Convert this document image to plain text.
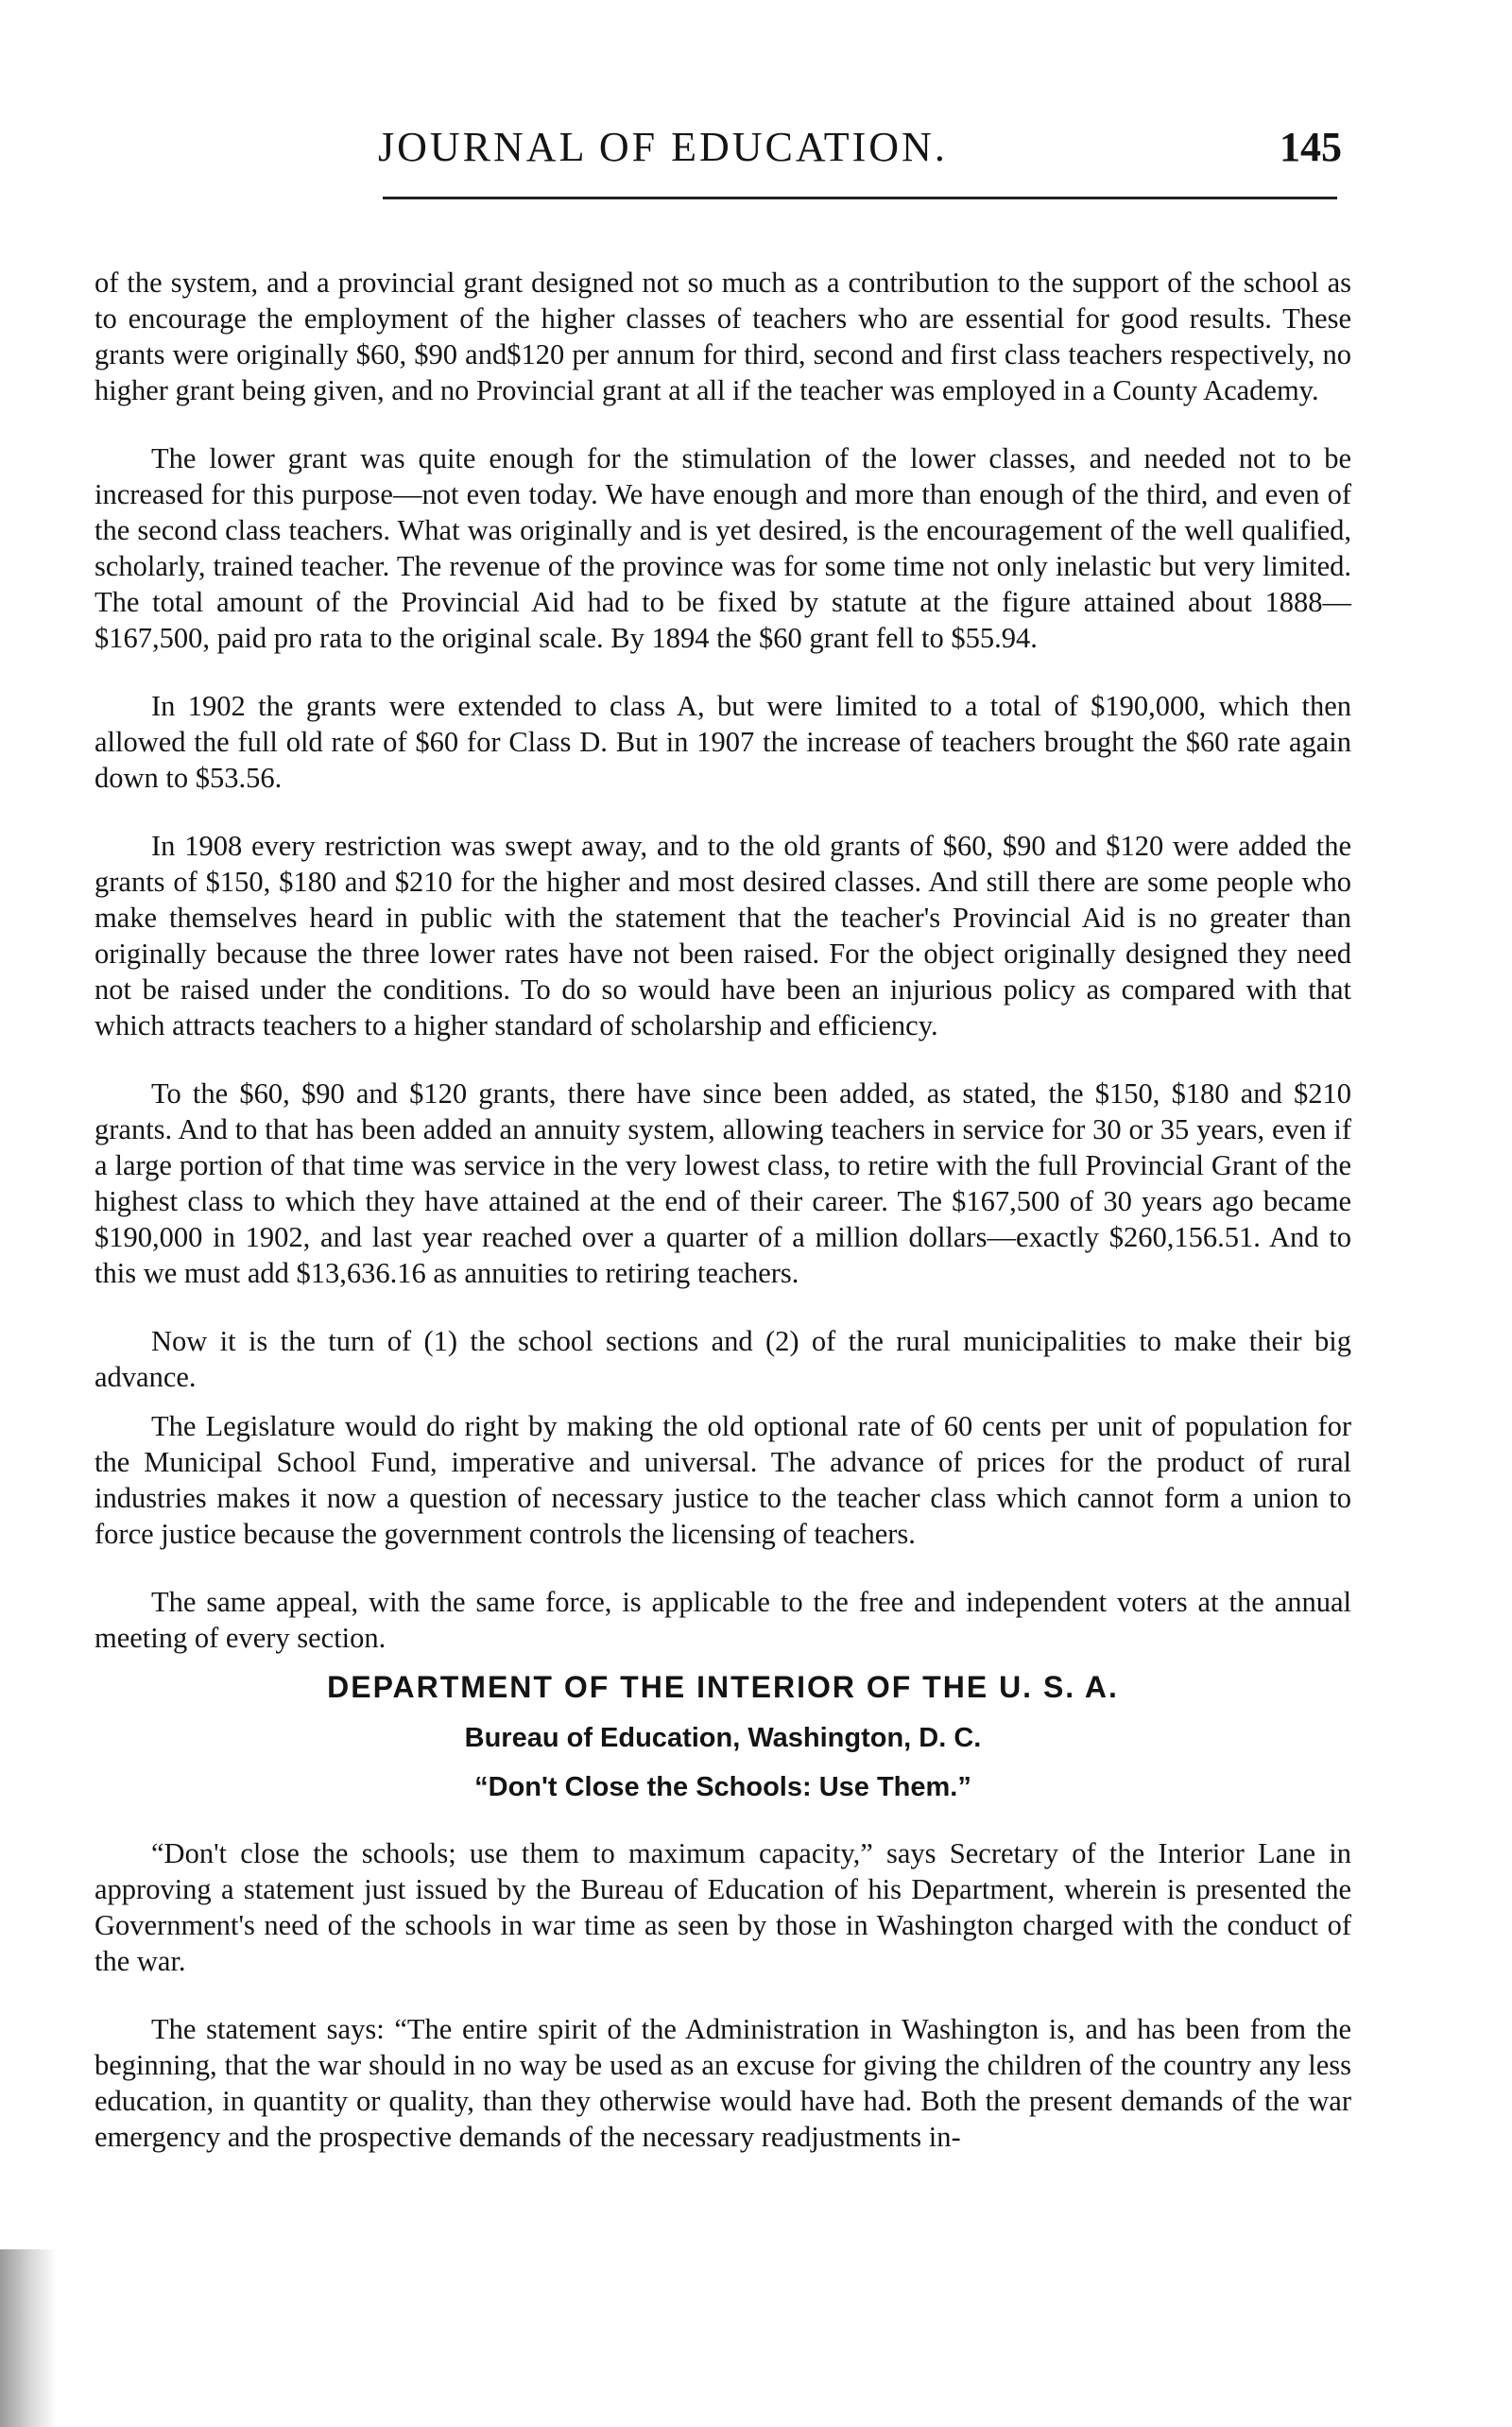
JOURNAL OF EDUCATION.	145

of the system, and a provincial grant designed not so much as a contribution to the support of the school as to encourage the employment of the higher classes of teachers who are essential for good results. These grants were originally $60, $90 and$120 per annum for third, second and first class teachers respectively, no higher grant being given, and no Provincial grant at all if the teacher was employed in a County Academy.

The lower grant was quite enough for the stimulation of the lower classes, and needed not to be increased for this purpose—not even today. We have enough and more than enough of the third, and even of the second class teachers. What was originally and is yet desired, is the encouragement of the well qualified, scholarly, trained teacher. The revenue of the province was for some time not only inelastic but very limited. The total amount of the Provincial Aid had to be fixed by statute at the figure attained about 1888—$167,500, paid pro rata to the original scale. By 1894 the $60 grant fell to $55.94.

In 1902 the grants were extended to class A, but were limited to a total of $190,000, which then allowed the full old rate of $60 for Class D. But in 1907 the increase of teachers brought the $60 rate again down to $53.56.

In 1908 every restriction was swept away, and to the old grants of $60, $90 and $120 were added the grants of $150, $180 and $210 for the higher and most desired classes. And still there are some people who make themselves heard in public with the statement that the teacher's Provincial Aid is no greater than originally because the three lower rates have not been raised. For the object originally designed they need not be raised under the conditions. To do so would have been an injurious policy as compared with that which attracts teachers to a higher standard of scholarship and efficiency.

To the $60, $90 and $120 grants, there have since been added, as stated, the $150, $180 and $210 grants. And to that has been added an annuity system, allowing teachers in service for 30 or 35 years, even if a large portion of that time was service in the very lowest class, to retire with the full Provincial Grant of the highest class to which they have attained at the end of their career. The $167,500 of 30 years ago became $190,000 in 1902, and last year reached over a quarter of a million dollars—exactly $260,156.51. And to this we must add $13,636.16 as annuities to retiring teachers.

Now it is the turn of (1) the school sections and (2) of the rural municipalities to make their big advance.

The Legislature would do right by making the old optional rate of 60 cents per unit of population for the Municipal School Fund, imperative and universal. The advance of prices for the product of rural industries makes it now a question of necessary justice to the teacher class which cannot form a union to force justice because the government controls the licensing of teachers.

The same appeal, with the same force, is applicable to the free and independent voters at the annual meeting of every section.

DEPARTMENT OF THE INTERIOR OF THE U. S. A.
Bureau of Education, Washington, D. C.
“Don't Close the Schools: Use Them.”

“Don't close the schools; use them to maximum capacity,” says Secretary of the Interior Lane in approving a statement just issued by the Bureau of Education of his Department, wherein is presented the Government's need of the schools in war time as seen by those in Washington charged with the conduct of the war.

The statement says: “The entire spirit of the Administration in Washington is, and has been from the beginning, that the war should in no way be used as an excuse for giving the children of the country any less education, in quantity or quality, than they otherwise would have had. Both the present demands of the war emergency and the prospective demands of the necessary readjustments in-
